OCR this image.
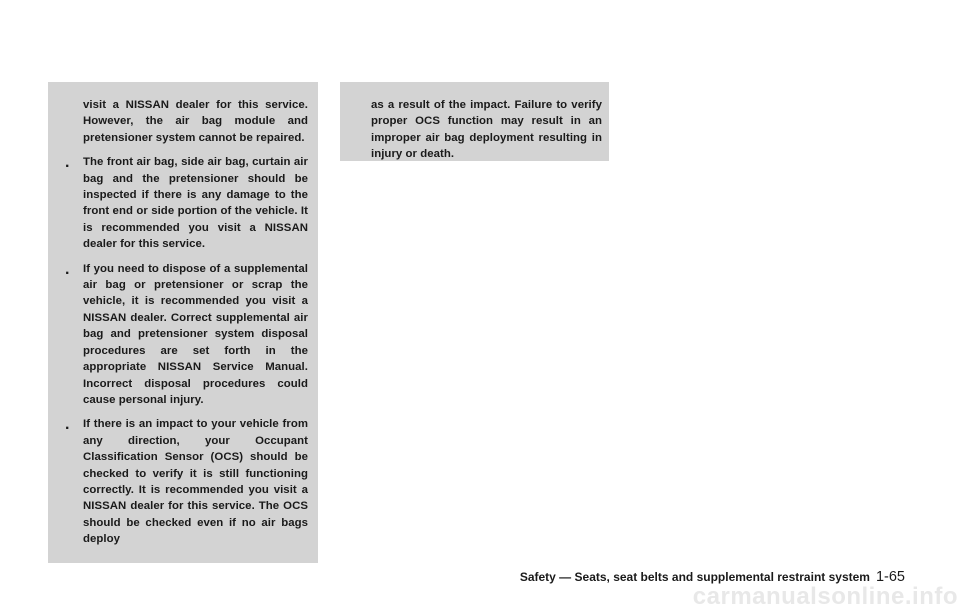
visit a NISSAN dealer for this service. However, the air bag module and pretensioner system cannot be repaired.

. The front air bag, side air bag, curtain air bag and the pretensioner should be inspected if there is any damage to the front end or side portion of the vehicle. It is recommended you visit a NISSAN dealer for this service.

. If you need to dispose of a supplemental air bag or pretensioner or scrap the vehicle, it is recommended you visit a NISSAN dealer. Correct supplemental air bag and pretensioner system disposal procedures are set forth in the appropriate NISSAN Service Manual. Incorrect disposal procedures could cause personal injury.

. If there is an impact to your vehicle from any direction, your Occupant Classification Sensor (OCS) should be checked to verify it is still functioning correctly. It is recommended you visit a NISSAN dealer for this service. The OCS should be checked even if no air bags deploy

as a result of the impact. Failure to verify proper OCS function may result in an improper air bag deployment resulting in injury or death.

Safety — Seats, seat belts and supplemental restraint system 1-65
carmanualsonline.info
